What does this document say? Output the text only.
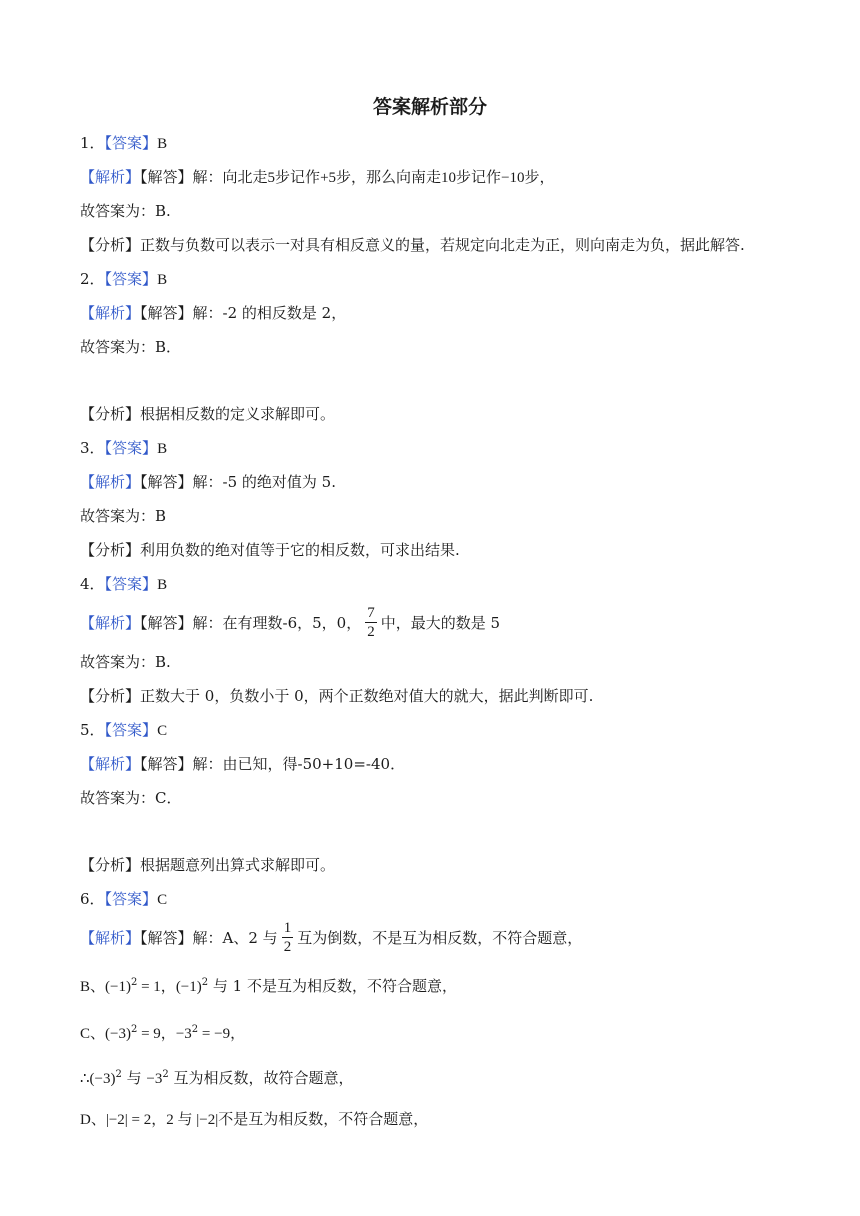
答案解析部分
1．【答案】B
【解析】【解答】解：向北走5步记作+5步，那么向南走10步记作−10步，
故答案为：B.
【分析】正数与负数可以表示一对具有相反意义的量，若规定向北走为正，则向南走为负，据此解答.
2．【答案】B
【解析】【解答】解：-2 的相反数是 2，
故答案为：B．
【分析】根据相反数的定义求解即可。
3．【答案】B
【解析】【解答】解：-5 的绝对值为 5.
故答案为：B
【分析】利用负数的绝对值等于它的相反数，可求出结果.
4．【答案】B
【解析】【解答】解：在有理数-6，5，0， $\frac{7}{2}$ 中，最大的数是 5
故答案为：B.
【分析】正数大于 0，负数小于 0，两个正数绝对值大的就大，据此判断即可.
5．【答案】C
【解析】【解答】解：由已知，得-50+10=-40．
故答案为：C．
【分析】根据题意列出算式求解即可。
6．【答案】C
【解析】【解答】解：A、2 与 $\frac{1}{2}$ 互为倒数，不是互为相反数，不符合题意，
B、$(-1)^2 = 1$，$(-1)^2$ 与 1 不是互为相反数，不符合题意，
C、$(-3)^2 = 9$，$-3^2 = -9$，
$\therefore(-3)^2$ 与 $-3^2$ 互为相反数，故符合题意，
D、|−2| = 2，2 与 |−2|不是互为相反数，不符合题意，
